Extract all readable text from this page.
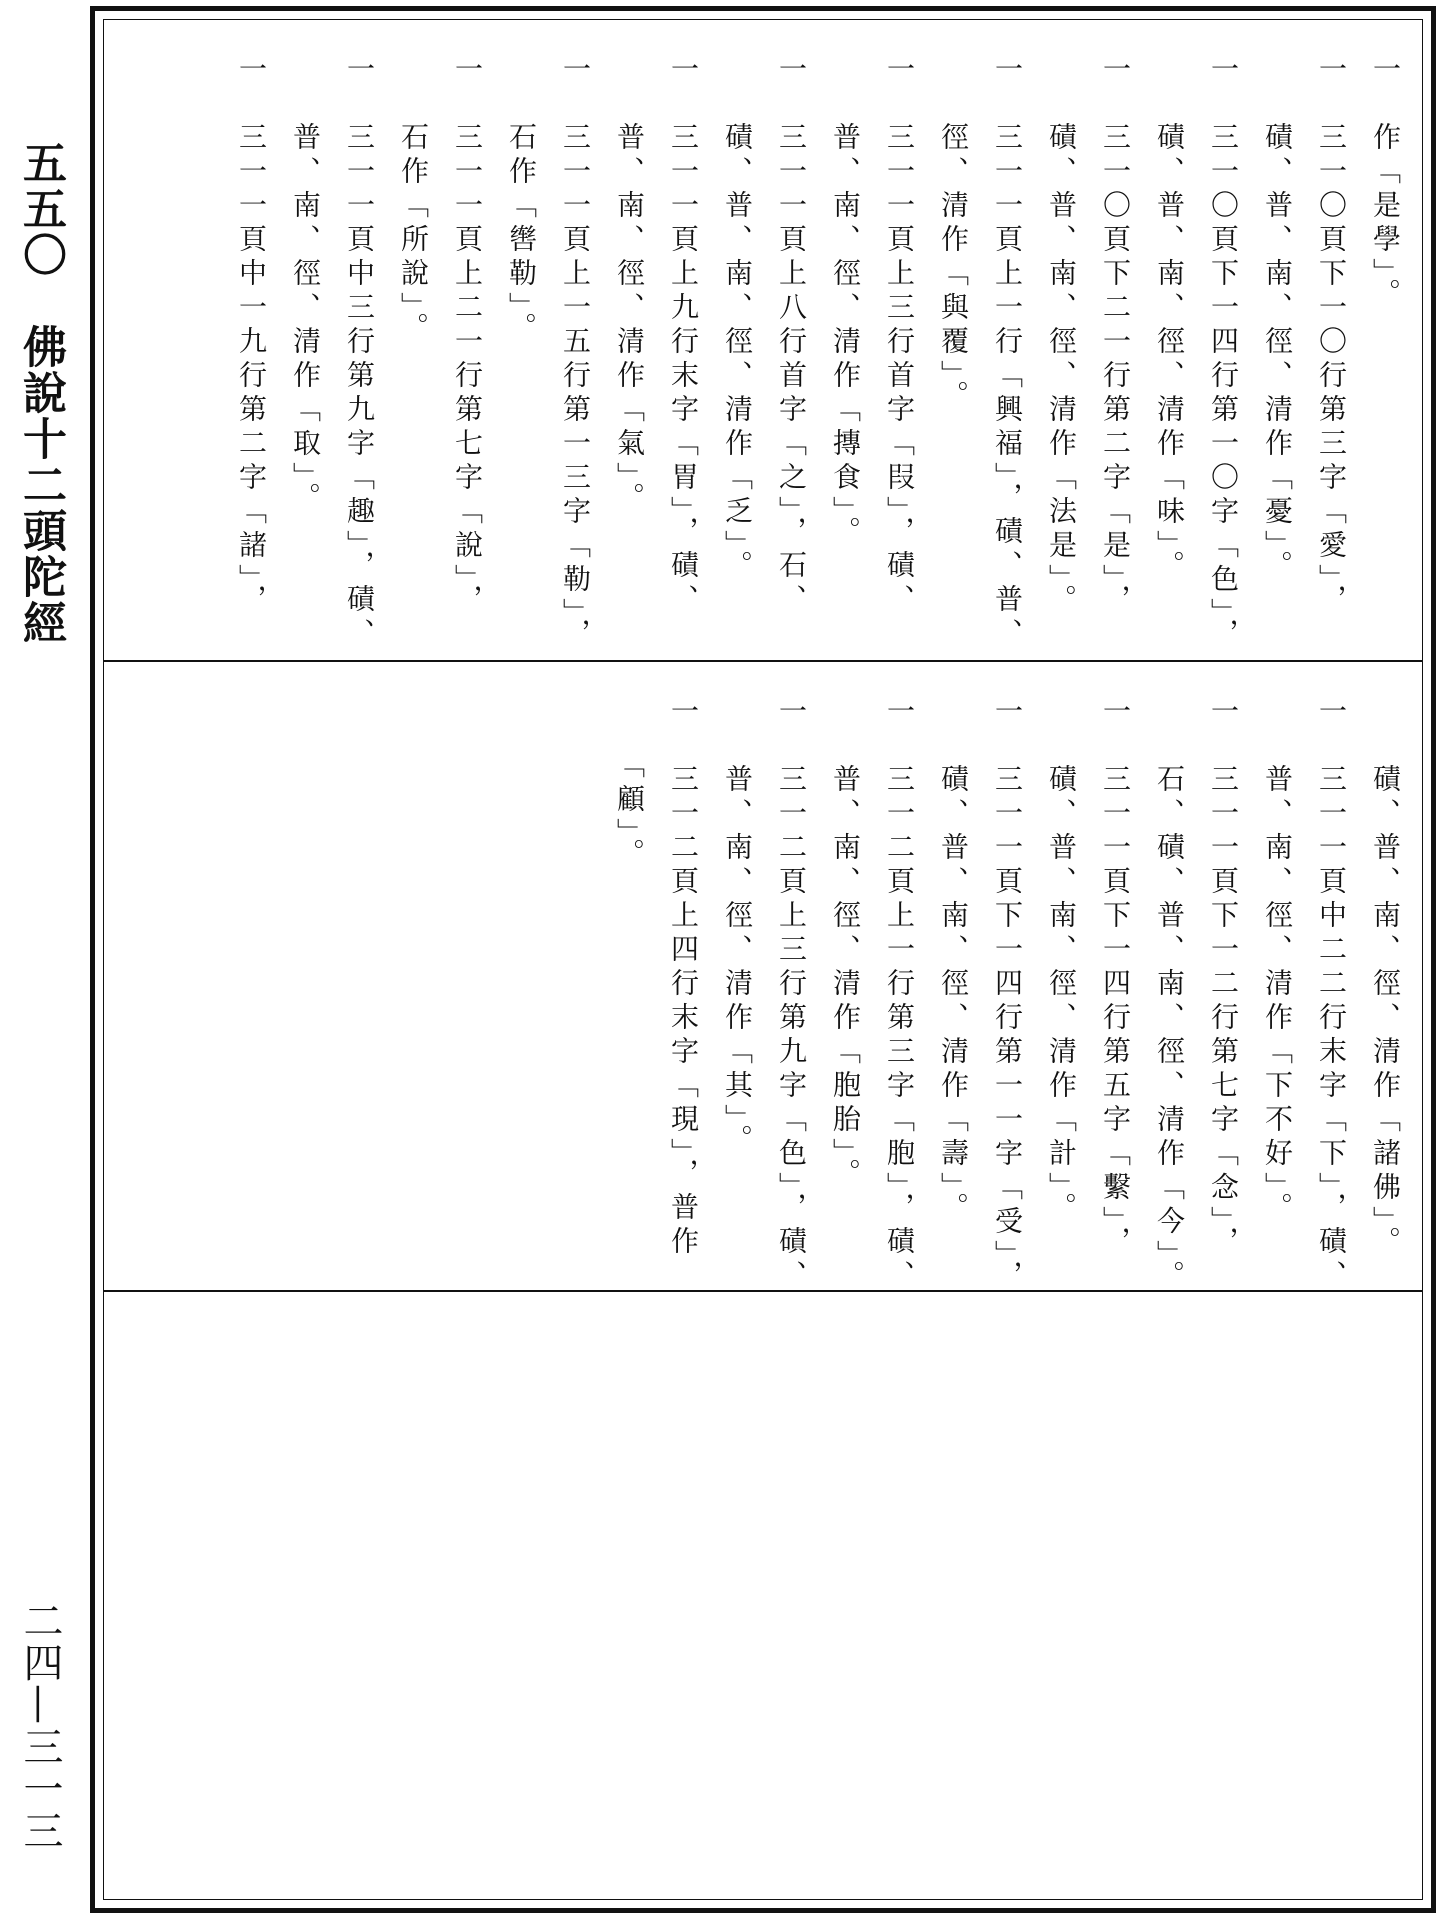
五五〇　佛說十二頭陀經
二四—三一三
一　作「是學」。
一　三一〇頁下一〇行第三字「愛」，
　　磧、普、南、徑、清作「憂」。
一　三一〇頁下一四行第一〇字「色」，
　　磧、普、南、徑、清作「味」。
一　三一〇頁下二一行第二字「是」，
　　磧、普、南、徑、清作「法是」。
一　三一一頁上一行「興福」，磧、普、
　　徑、清作「與覆」。
一　三一一頁上三行首字「叚」，磧、
　　普、南、徑、清作「摶食」。
一　三一一頁上八行首字「之」，石、
　　磧、普、南、徑、清作「乏」。
一　三一一頁上九行末字「胃」，磧、
　　普、南、徑、清作「氣」。
一　三一一頁上一五行第一三字「勒」，
　　石作「辔勒」。
一　三一一頁上二一行第七字「說」，
　　石作「所說」。
一　三一一頁中三行第九字「趣」，磧、
　　普、南、徑、清作「取」。
一　三一一頁中一九行第二字「諸」，
　　磧、普、南、徑、清作「諸佛」。
一　三一一頁中二二行末字「下」，磧、
　　普、南、徑、清作「下不好」。
一　三一一頁下一二行第七字「念」，
　　石、磧、普、南、徑、清作「今」。
一　三一一頁下一四行第五字「繫」，
　　磧、普、南、徑、清作「計」。
一　三一一頁下一四行第一一字「受」，
　　磧、普、南、徑、清作「壽」。
一　三一二頁上一行第三字「胞」，磧、
　　普、南、徑、清作「胞胎」。
一　三一二頁上三行第九字「色」，磧、
　　普、南、徑、清作「其」。
一　三一二頁上四行末字「現」，普作
　　「顧」。
